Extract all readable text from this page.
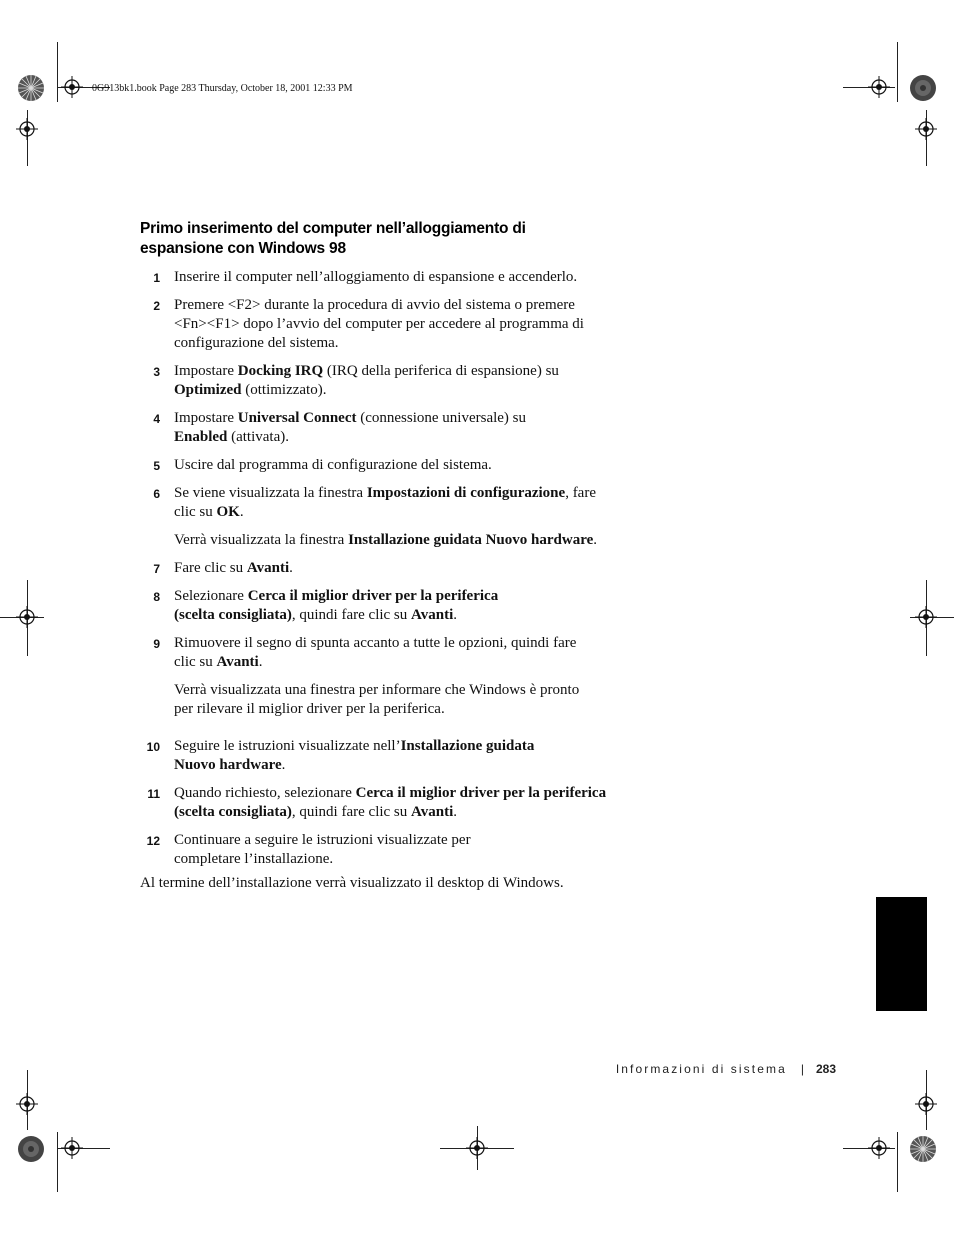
0G913bk1.book Page 283 Thursday, October 18, 2001 12:33 PM
Primo inserimento del computer nell’alloggiamento di
espansione con Windows 98
1 Inserire il computer nell’alloggiamento di espansione e accenderlo.
2 Premere <F2> durante la procedura di avvio del sistema o premere
<Fn><F1> dopo l’avvio del computer per accedere al programma di
configurazione del sistema.
3 Impostare Docking IRQ (IRQ della periferica di espansione) su
Optimized (ottimizzato).
4 Impostare Universal Connect (connessione universale) su
Enabled (attivata).
5 Uscire dal programma di configurazione del sistema.
6 Se viene visualizzata la finestra Impostazioni di configurazione, fare
clic su OK.
Verrà visualizzata la finestra Installazione guidata Nuovo hardware.
7 Fare clic su Avanti.
8 Selezionare Cerca il miglior driver per la periferica
(scelta consigliata), quindi fare clic su Avanti.
9 Rimuovere il segno di spunta accanto a tutte le opzioni, quindi fare
clic su Avanti.
Verrà visualizzata una finestra per informare che Windows è pronto
per rilevare il miglior driver per la periferica.
10 Seguire le istruzioni visualizzate nell’Installazione guidata
Nuovo hardware.
11 Quando richiesto, selezionare Cerca il miglior driver per la periferica
(scelta consigliata), quindi fare clic su Avanti.
12 Continuare a seguire le istruzioni visualizzate per
completare l’installazione.
Al termine dell’installazione verrà visualizzato il desktop di Windows.
Informazioni di sistema | 283
